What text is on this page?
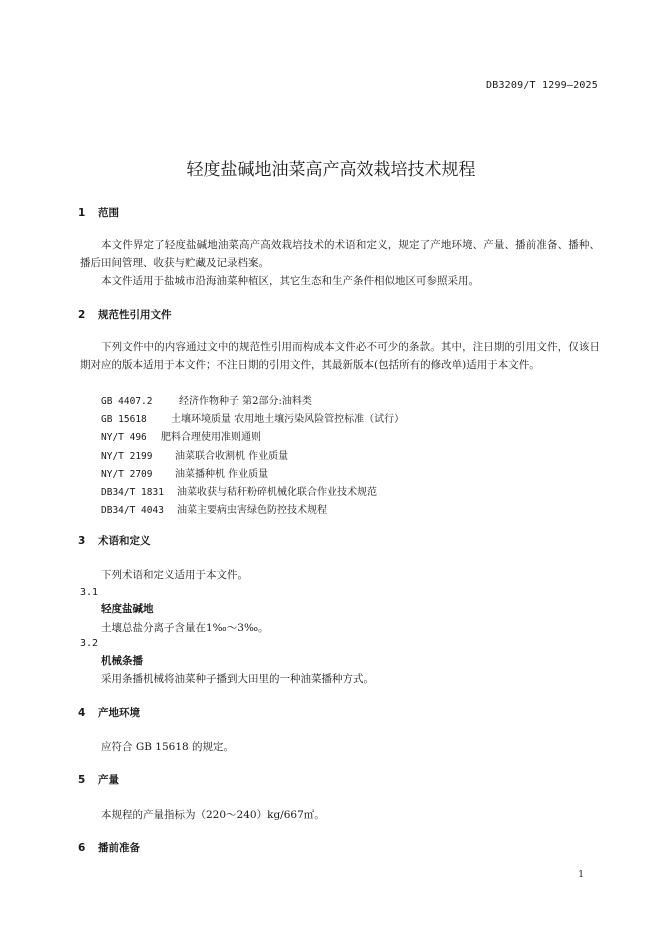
DB3209/T 1299—2025
轻度盐碱地油菜高产高效栽培技术规程
1 范围
本文件界定了轻度盐碱地油菜高产高效栽培技术的术语和定义，规定了产地环境、产量、播前准备、播种、播后田间管理、收获与贮藏及记录档案。
本文件适用于盐城市沿海油菜种植区，其它生态和生产条件相似地区可参照采用。
2 规范性引用文件
下列文件中的内容通过文中的规范性引用而构成本文件必不可少的条款。其中，注日期的引用文件，仅该日期对应的版本适用于本文件；不注日期的引用文件，其最新版本(包括所有的修改单)适用于本文件。
GB 4407.2	经济作物种子 第2部分:油料类
GB 15618 土壤环境质量 农用地土壤污染风险管控标准（试行）
NY/T 496 肥料合理使用准则通则
NY/T 2199 油菜联合收割机 作业质量
NY/T 2709 油菜播种机 作业质量
DB34/T 1831 油菜收获与秸秆粉碎机械化联合作业技术规范
DB34/T 4043 油菜主要病虫害绿色防控技术规程
3 术语和定义
下列术语和定义适用于本文件。
3.1
轻度盐碱地
土壤总盐分离子含量在1‰～3‰。
3.2
机械条播
采用条播机械将油菜种子播到大田里的一种油菜播种方式。
4 产地环境
应符合 GB 15618 的规定。
5 产量
本规程的产量指标为（220～240）kg/667㎡。
6 播前准备
1
